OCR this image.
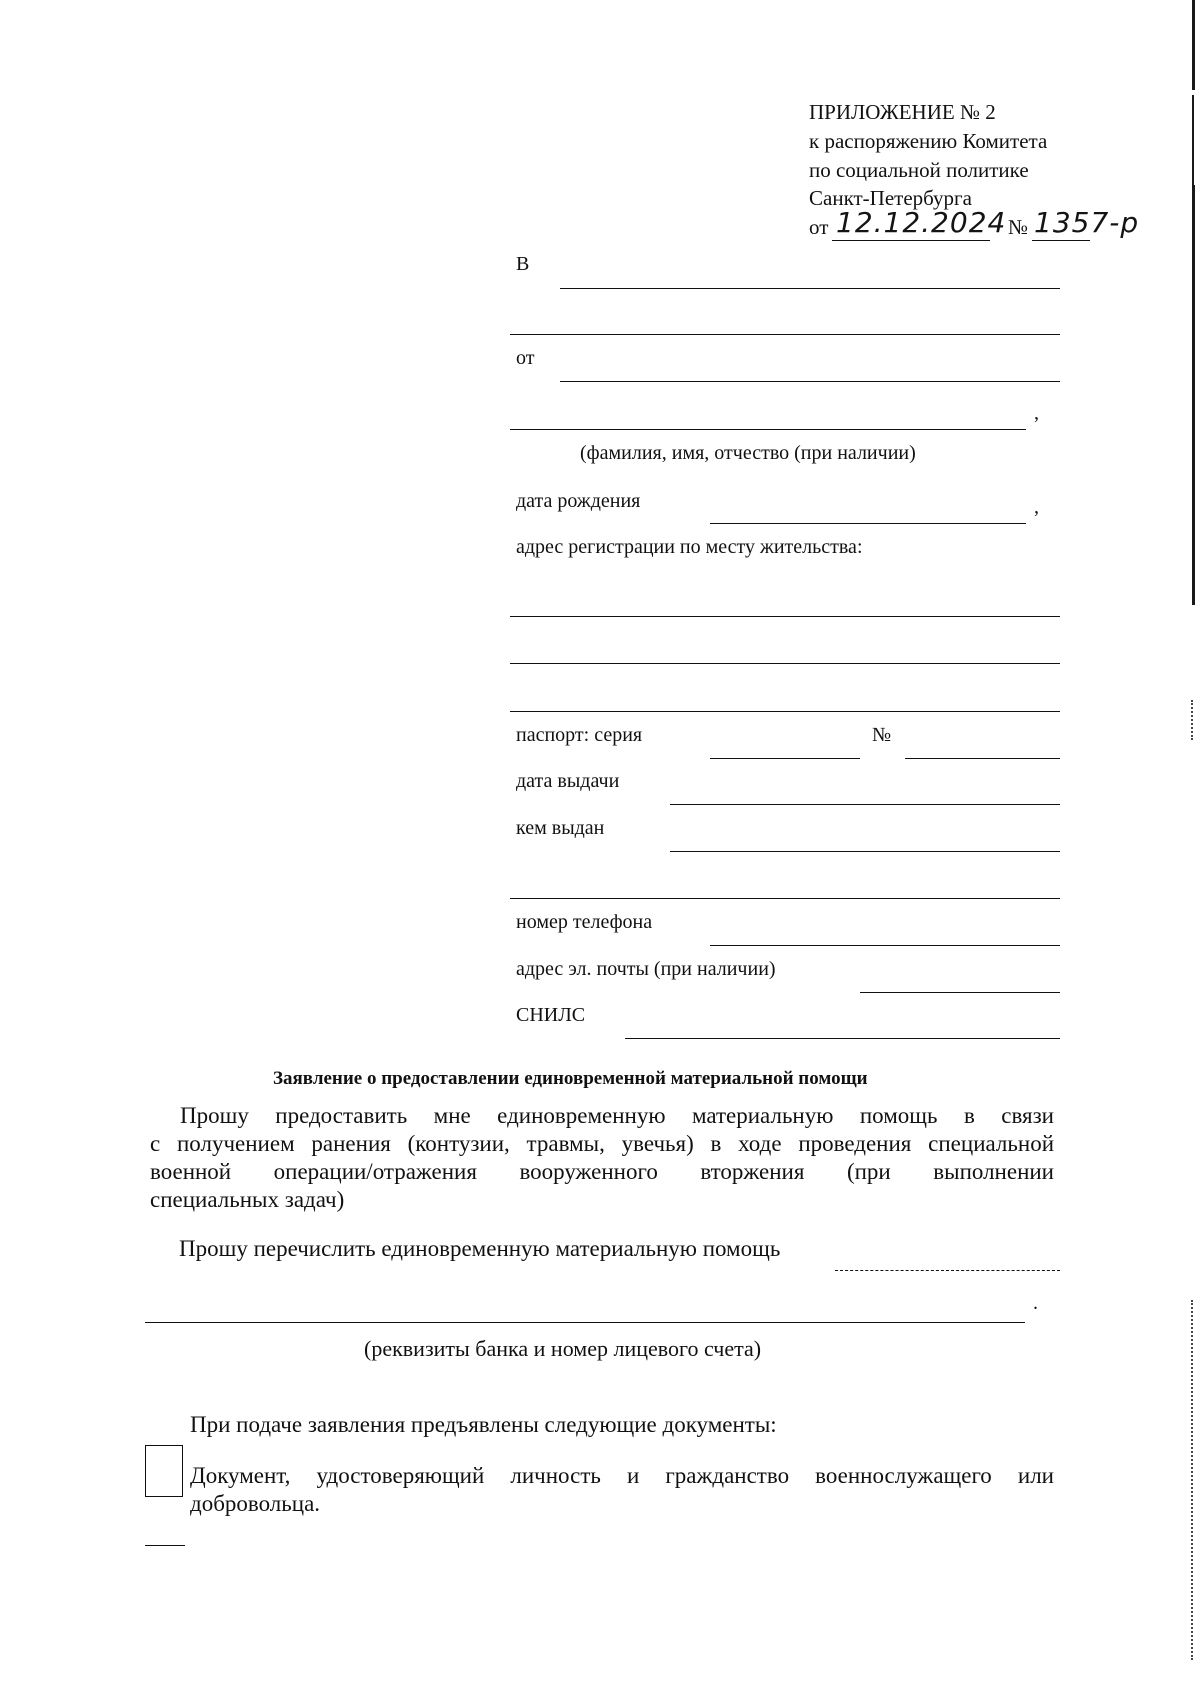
ПРИЛОЖЕНИЕ № 2
к распоряжению Комитета
по социальной политике
Санкт-Петербурга
от 12.12.2024 № 1357-р
В
от
,
(фамилия, имя, отчество (при наличии)
дата рождения	,
адрес регистрации по месту жительства:
паспорт: серия	№
дата выдачи
кем выдан
номер телефона
адрес эл. почты (при наличии)
СНИЛС
Заявление о предоставлении единовременной материальной помощи
Прошу предоставить мне единовременную материальную помощь в связи
с получением ранения (контузии, травмы, увечья) в ходе проведения специальной
военной операции/отражения вооруженного вторжения (при выполнении
специальных задач)
Прошу перечислить единовременную материальную помощь
.
(реквизиты банка и номер лицевого счета)
При подаче заявления предъявлены следующие документы:
Документ, удостоверяющий личность и гражданство военнослужащего или
добровольца.
